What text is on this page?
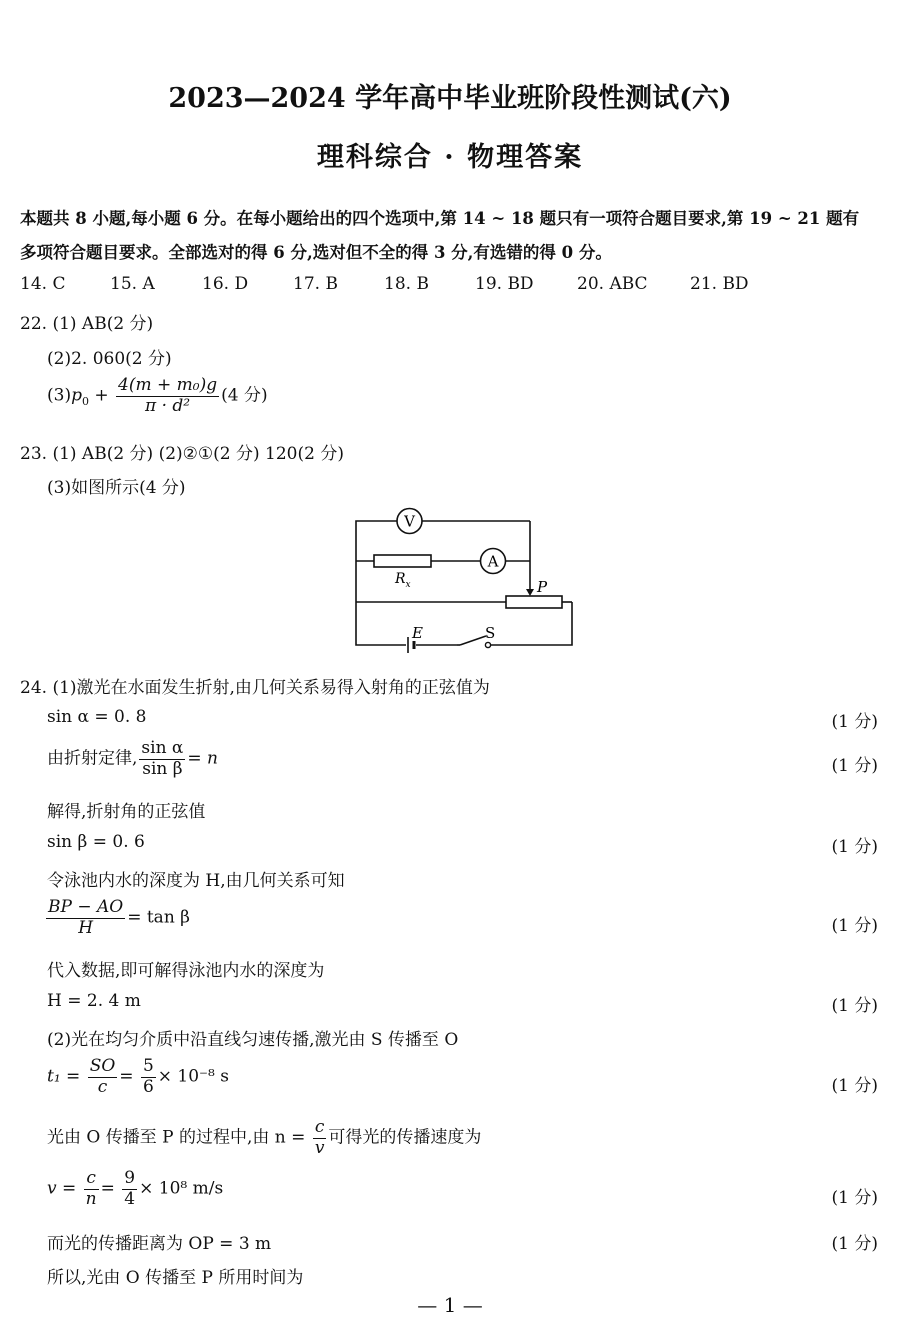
2023—2024 学年高中毕业班阶段性测试(六)
理科综合 · 物理答案
本题共 8 小题,每小题 6 分。在每小题给出的四个选项中,第 14 ~ 18 题只有一项符合题目要求,第 19 ~ 21 题有
多项符合题目要求。全部选对的得 6 分,选对但不全的得 3 分,有选错的得 0 分。
14. C	15. A	16. D	17. B	18. B	19. BD	20. ABC 21. BD
22. (1) AB(2 分)
(2)2. 060(2 分)
$(3)p_0 + \frac{\text{4(m + m₀)g}}{\text{π · d²}} (4$ 分)
23. (1) AB(2 分) (2)②①(2 分) 120(2 分)
(3)如图所示(4 分)
V
A
$R_x$	P
E	S
24. (1)激光在水面发生折射,由几何关系易得入射角的正弦值为
sin α = 0. 8	(1 分)
由折射定律, $\frac{\text{sin α}}{\text{sin β}} = n$	(1 分)
解得,折射角的正弦值
sin β = 0. 6	(1 分)
令泳池内水的深度为 H,由几何关系可知
$\frac{BP - AO}{H} = \tan \beta$	(1 分)
代入数据,即可解得泳池内水的深度为
H = 2. 4 m	(1 分)
(2)光在均匀介质中沿直线匀速传播,激光由 S 传播至 O
$t_1 = \frac{SO}{c} = \frac{5}{6} \times 10^{-8}$ s	(1 分)
光由 O 传播至 P 的过程中,由 $n = \frac{c}{v}$ 可得光的传播速度为
$v = \frac{c}{n} = \frac{9}{4} \times 10^8$ m/s	(1 分)
而光的传播距离为 OP = 3 m	(1 分)
所以,光由 O 传播至 P 所用时间为
— 1 —
